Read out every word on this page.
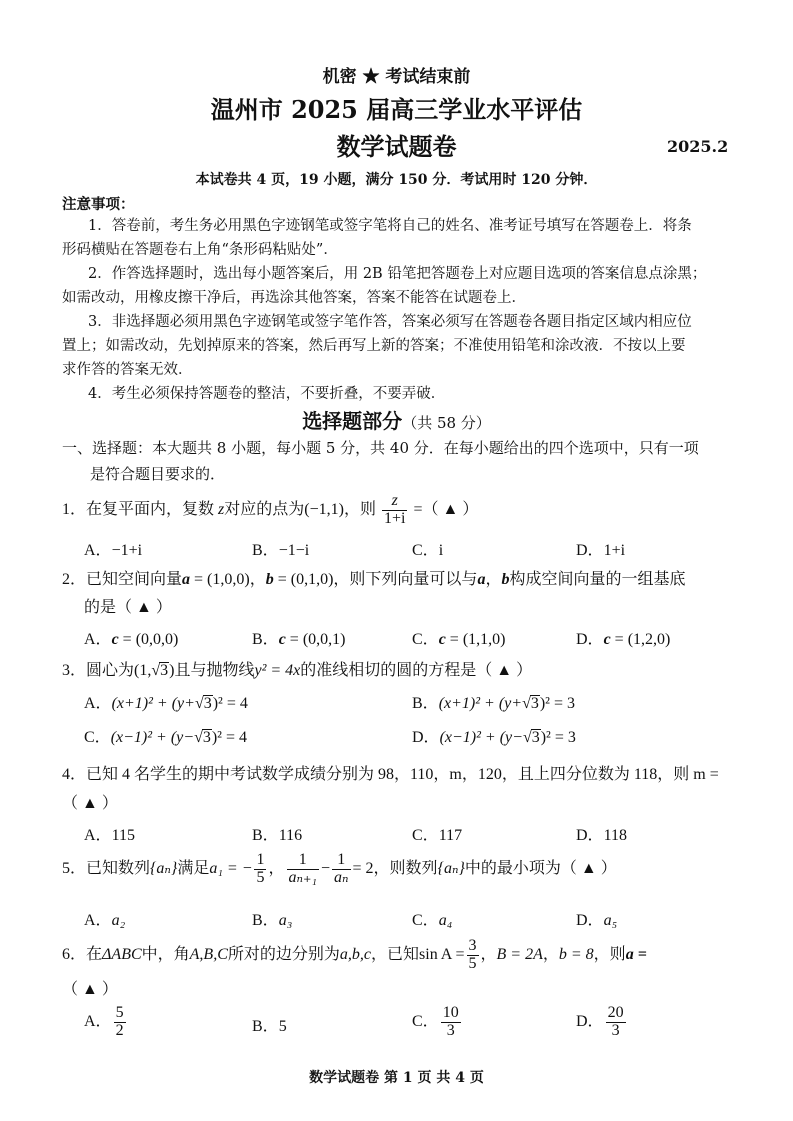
机密 ★ 考试结束前
温州市 2025 届高三学业水平评估
数学试题卷	2025.2
本试卷共 4 页，19 小题，满分 150 分．考试用时 120 分钟．
注意事项：
1．答卷前，考生务必用黑色字迹钢笔或签字笔将自己的姓名、准考证号填写在答题卷上．将条
形码横贴在答题卷右上角“条形码粘贴处”．
2．作答选择题时，选出每小题答案后，用 2B 铅笔把答题卷上对应题目选项的答案信息点涂黑；
如需改动，用橡皮擦干净后，再选涂其他答案，答案不能答在试题卷上．
3．非选择题必须用黑色字迹钢笔或签字笔作答，答案必须写在答题卷各题目指定区域内相应位
置上；如需改动，先划掉原来的答案，然后再写上新的答案；不准使用铅笔和涂改液．不按以上要
求作答的答案无效．
4．考生必须保持答题卷的整洁，不要折叠，不要弄破．
选择题部分（共 58 分）
一、选择题：本大题共 8 小题，每小题 5 分，共 40 分．在每小题给出的四个选项中，只有一项
是符合题目要求的．
1．在复平面内，复数 z对应的点为(−1,1)，则 $\frac{z}{1+i}$ =（ ▲ ）
A．−1+i	B．−1−i	C．i	D．1+i
2．已知空间向量a = (1,0,0)，b = (0,1,0)，则下列向量可以与a，b构成空间向量的一组基底
的是（ ▲ ）
A．c = (0,0,0)	B．c = (0,0,1)	C．c = (1,1,0)	D．c = (1,2,0)
3．圆心为(1,√3)且与抛物线y² = 4x的准线相切的圆的方程是（ ▲ ）
A．(x+1)² + (y+√3)² = 4	B．(x+1)² + (y+√3)² = 3
C．(x−1)² + (y−√3)² = 4	D．(x−1)² + (y−√3)² = 3
4．已知 4 名学生的期中考试数学成绩分别为 98，110，m，120，且上四分位数为 118，则 m =
（ ▲ ）
A．115	B．116	C．117	D．118
5．已知数列{aₙ}满足a₁ = − $\frac{1}{5}$ ， $\frac{1}{\text{aₙ₊₁}} - \frac{1}{\text{aₙ}} = 2$，则数列{aₙ}中的最小项为（ ▲ ）
A．a₂	B．a₃	C．a₄	D．a₅
6．在ΔABC中，角A,B,C所对的边分别为a,b,c，已知$\sin A = \frac{3}{5}$ ，B = 2A，b = 8，则a =
（ ▲ ）
A． $\frac{5}{2}$	B．5	C． $\frac{10}{3}$	D． $\frac{20}{3}$
数学试题卷 第 1 页 共 4 页
